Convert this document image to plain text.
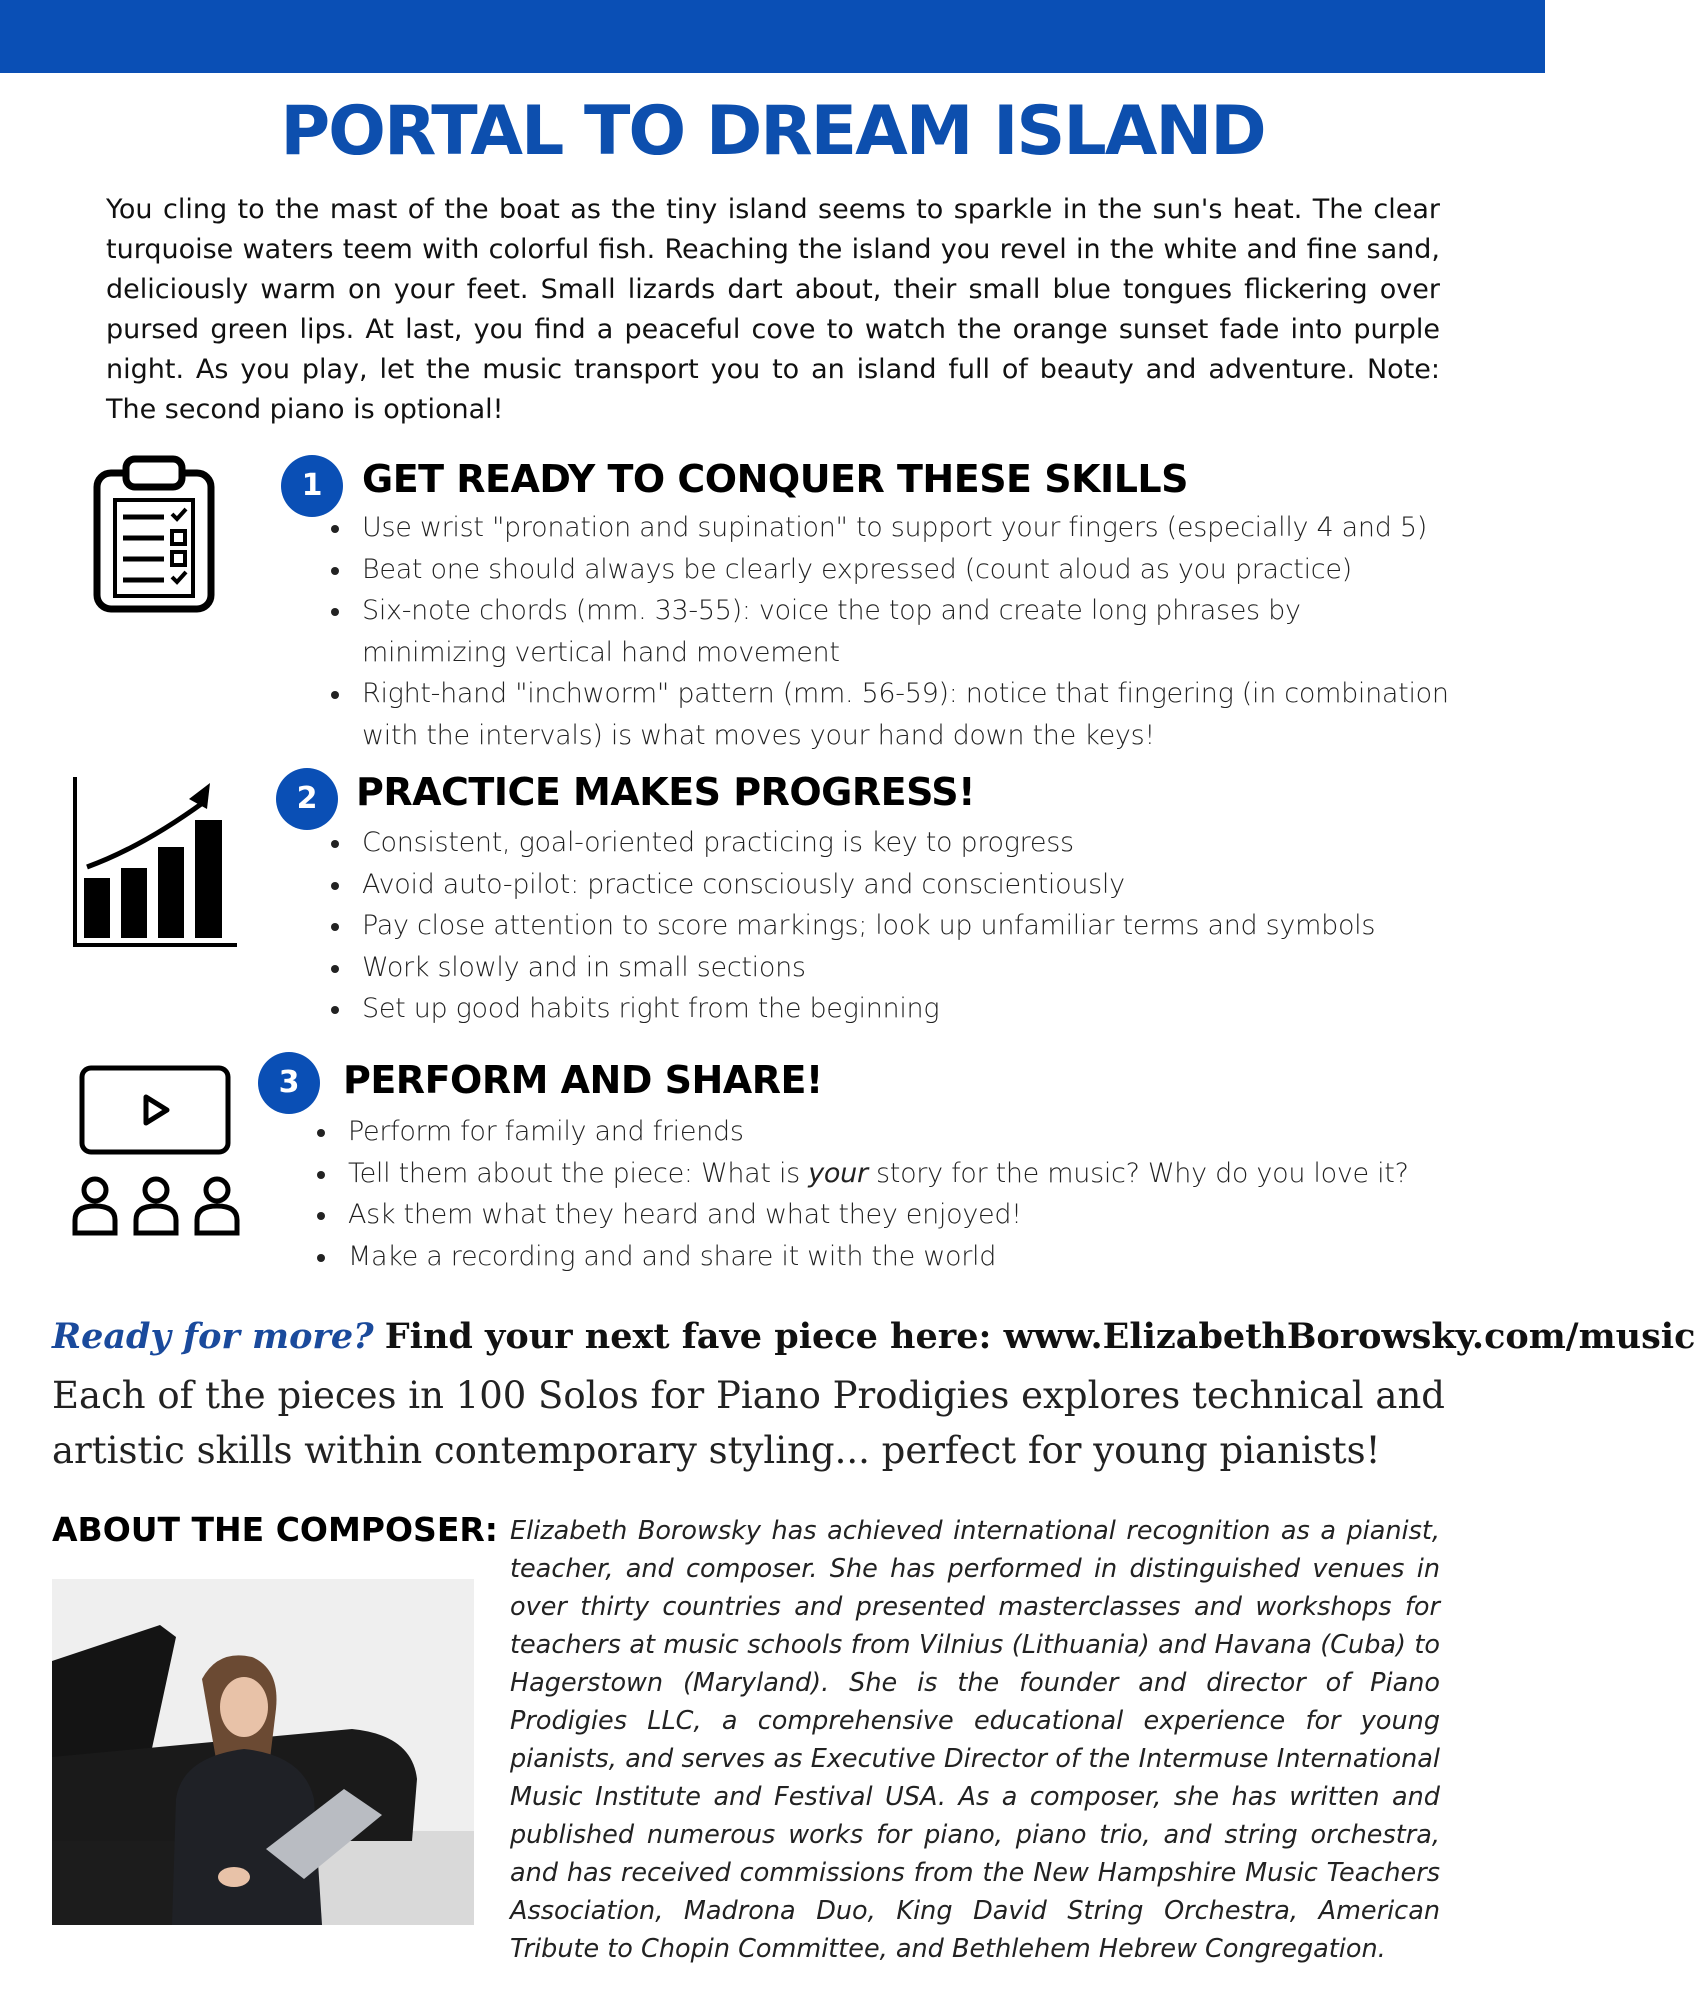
PORTAL TO DREAM ISLAND

You cling to the mast of the boat as the tiny island seems to sparkle in the sun's heat. The clear turquoise waters teem with colorful fish. Reaching the island you revel in the white and fine sand, deliciously warm on your feet. Small lizards dart about, their small blue tongues flickering over pursed green lips. At last, you find a peaceful cove to watch the orange sunset fade into purple night. As you play, let the music transport you to an island full of beauty and adventure. Note: The second piano is optional!

1	GET READY TO CONQUER THESE SKILLS
Use wrist "pronation and supination" to support your fingers (especially 4 and 5)
Beat one should always be clearly expressed (count aloud as you practice)
Six-note chords (mm. 33-55): voice the top and create long phrases by minimizing vertical hand movement
Right-hand "inchworm" pattern (mm. 56-59): notice that fingering (in combination with the intervals) is what moves your hand down the keys!
2	PRACTICE MAKES PROGRESS!
Consistent, goal-oriented practicing is key to progress
Avoid auto-pilot: practice consciously and conscientiously
Pay close attention to score markings; look up unfamiliar terms and symbols
Work slowly and in small sections
Set up good habits right from the beginning
3	PERFORM AND SHARE!
Perform for family and friends
Tell them about the piece: What is your story for the music? Why do you love it?
Ask them what they heard and what they enjoyed!
Make a recording and and share it with the world
Ready for more? Find your next fave piece here: www.ElizabethBorowsky.com/music

Each of the pieces in 100 Solos for Piano Prodigies explores technical and artistic skills within contemporary styling... perfect for young pianists!

ABOUT THE COMPOSER: Elizabeth Borowsky has achieved international recognition as a pianist, teacher, and composer. She has performed in distinguished venues in over thirty countries and presented masterclasses and workshops for teachers at music schools from Vilnius (Lithuania) and Havana (Cuba) to Hagerstown (Maryland). She is the founder and director of Piano Prodigies LLC, a comprehensive educational experience for young pianists, and serves as Executive Director of the Intermuse International Music Institute and Festival USA. As a composer, she has written and published numerous works for piano, piano trio, and string orchestra, and has received commissions from the New Hampshire Music Teachers Association, Madrona Duo, King David String Orchestra, American Tribute to Chopin Committee, and Bethlehem Hebrew Congregation.
